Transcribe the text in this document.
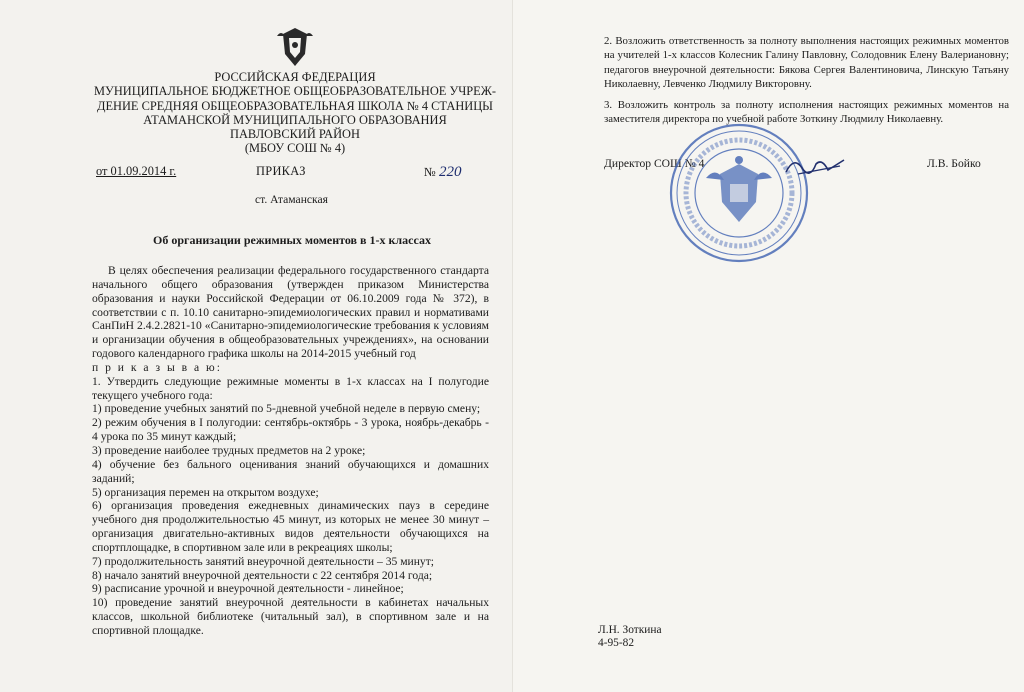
РОССИЙСКАЯ ФЕДЕРАЦИЯ
МУНИЦИПАЛЬНОЕ БЮДЖЕТНОЕ ОБЩЕОБРАЗОВАТЕЛЬНОЕ УЧРЕЖ-
ДЕНИЕ СРЕДНЯЯ ОБЩЕОБРАЗОВАТЕЛЬНАЯ ШКОЛА № 4 СТАНИЦЫ
АТАМАНСКОЙ МУНИЦИПАЛЬНОГО ОБРАЗОВАНИЯ
ПАВЛОВСКИЙ РАЙОН
(МБОУ СОШ № 4)
от 01.09.2014 г.	ПРИКАЗ	№ 220
ст. Атаманская
Об организации режимных моментов в 1-х классах

В целях обеспечения реализации федерального государственного стандарта начального общего образования (утвержден приказом Министерства образования и науки Российской Федерации от 06.10.2009 года № 372), в соответствии с п. 10.10 санитарно-эпидемиологических правил и нормативами СанПиН 2.4.2.2821-10 «Санитарно-эпидемиологические требования к условиям и организации обучения в общеобразовательных учреждениях», на основании годового календарного графика школы на 2014-2015 учебный год

п р и к а з ы в а ю:

1. Утвердить следующие режимные моменты в 1-х классах на I полугодие текущего учебного года:

1) проведение учебных занятий по 5-дневной учебной неделе в первую смену;

2) режим обучения в I полугодии: сентябрь-октябрь - 3 урока, ноябрь-декабрь - 4 урока по 35 минут каждый;

3) проведение наиболее трудных предметов на 2 уроке;

4) обучение без бального оценивания знаний обучающихся и домашних заданий;

5) организация перемен на открытом воздухе;

6) организация проведения ежедневных динамических пауз в середине учебного дня продолжительностью 45 минут, из которых не менее 30 минут – организация двигательно-активных видов деятельности обучающихся на спортплощадке, в спортивном зале или в рекреациях школы;

7) продолжительность занятий внеурочной деятельности – 35 минут;

8) начало занятий внеурочной деятельности с 22 сентября 2014 года;

9) расписание урочной и внеурочной деятельности - линейное;

10) проведение занятий внеурочной деятельности в кабинетах начальных классов, школьной библиотеке (читальный зал), в спортивном зале и на спортивной площадке.

2. Возложить ответственность за полноту выполнения настоящих режимных моментов на учителей 1-х классов Колесник Галину Павловну, Солодовник Елену Валериановну; педагогов внеурочной деятельности: Бякова Сергея Валентиновича, Линскую Татьяну Николаевну, Левченко Людмилу Викторовну.
3. Возложить контроль за полноту исполнения настоящих режимных моментов на заместителя директора по учебной работе Зоткину Людмилу Николаевну.
Директор СОШ № 4	Л.В. Бойко
Л.Н. Зоткина
4-95-82
